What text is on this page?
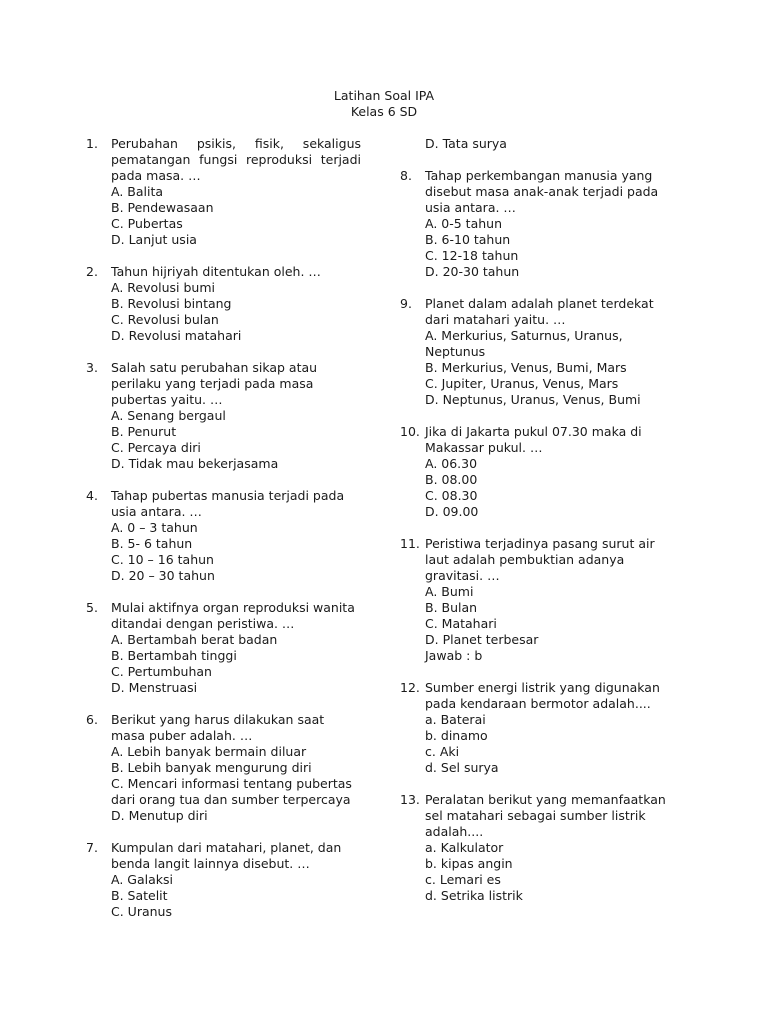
Latihan Soal IPA
Kelas 6 SD
1. Perubahan psikis, fisik, sekaligus pematangan fungsi reproduksi terjadi pada masa. …
A. Balita
B. Pendewasaan
C. Pubertas
D. Lanjut usia
2. Tahun hijriyah ditentukan oleh. …
A. Revolusi bumi
B. Revolusi bintang
C. Revolusi bulan
D. Revolusi matahari
3. Salah satu perubahan sikap atau perilaku yang terjadi pada masa pubertas yaitu. …
A. Senang bergaul
B. Penurut
C. Percaya diri
D. Tidak mau bekerjasama
4. Tahap pubertas manusia terjadi pada usia antara. …
A. 0 – 3 tahun
B. 5- 6 tahun
C. 10 – 16 tahun
D. 20 – 30 tahun
5. Mulai aktifnya organ reproduksi wanita ditandai dengan peristiwa. …
A. Bertambah berat badan
B. Bertambah tinggi
C. Pertumbuhan
D. Menstruasi
6. Berikut yang harus dilakukan saat masa puber adalah. …
A. Lebih banyak bermain diluar
B. Lebih banyak mengurung diri
C. Mencari informasi tentang pubertas dari orang tua dan sumber terpercaya
D. Menutup diri
7. Kumpulan dari matahari, planet, dan benda langit lainnya disebut. …
A. Galaksi
B. Satelit
C. Uranus
D. Tata surya
8. Tahap perkembangan manusia yang disebut masa anak-anak terjadi pada usia antara. …
A. 0-5 tahun
B. 6-10 tahun
C. 12-18 tahun
D. 20-30 tahun
9. Planet dalam adalah planet terdekat dari matahari yaitu. …
A. Merkurius, Saturnus, Uranus, Neptunus
B. Merkurius, Venus, Bumi, Mars
C. Jupiter, Uranus, Venus, Mars
D. Neptunus, Uranus, Venus, Bumi
10. Jika di Jakarta pukul 07.30 maka di Makassar pukul. …
A. 06.30
B. 08.00
C. 08.30
D. 09.00
11. Peristiwa terjadinya pasang surut air laut adalah pembuktian adanya gravitasi. …
A. Bumi
B. Bulan
C. Matahari
D. Planet terbesar
Jawab : b
12. Sumber energi listrik yang digunakan pada kendaraan bermotor adalah....
a. Baterai
b. dinamo
c. Aki
d. Sel surya
13. Peralatan berikut yang memanfaatkan sel matahari sebagai sumber listrik adalah....
a. Kalkulator
b. kipas angin
c. Lemari es
d. Setrika listrik
